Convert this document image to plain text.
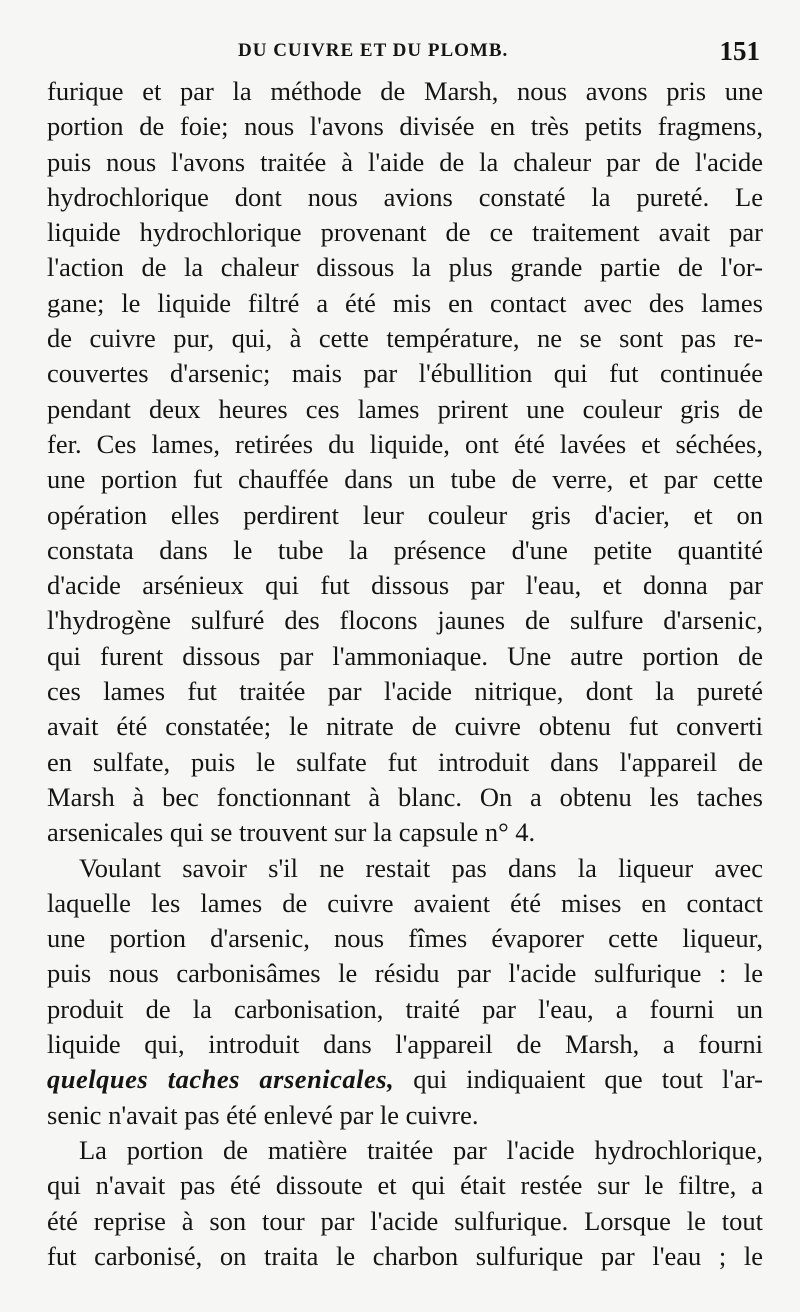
DU CUIVRE ET DU PLOMB.	151
furique et par la méthode de Marsh, nous avons pris une
portion de foie; nous l'avons divisée en très petits fragmens,
puis nous l'avons traitée à l'aide de la chaleur par de l'acide
hydrochlorique dont nous avions constaté la pureté. Le
liquide hydrochlorique provenant de ce traitement avait par
l'action de la chaleur dissous la plus grande partie de l'or-
gane; le liquide filtré a été mis en contact avec des lames
de cuivre pur, qui, à cette température, ne se sont pas re-
couvertes d'arsenic; mais par l'ébullition qui fut continuée
pendant deux heures ces lames prirent une couleur gris de
fer. Ces lames, retirées du liquide, ont été lavées et séchées,
une portion fut chauffée dans un tube de verre, et par cette
opération elles perdirent leur couleur gris d'acier, et on
constata dans le tube la présence d'une petite quantité
d'acide arsénieux qui fut dissous par l'eau, et donna par
l'hydrogène sulfuré des flocons jaunes de sulfure d'arsenic,
qui furent dissous par l'ammoniaque. Une autre portion de
ces lames fut traitée par l'acide nitrique, dont la pureté
avait été constatée; le nitrate de cuivre obtenu fut converti
en sulfate, puis le sulfate fut introduit dans l'appareil de
Marsh à bec fonctionnant à blanc. On a obtenu les taches
arsenicales qui se trouvent sur la capsule n° 4.
Voulant savoir s'il ne restait pas dans la liqueur avec
laquelle les lames de cuivre avaient été mises en contact
une portion d'arsenic, nous fîmes évaporer cette liqueur,
puis nous carbonisâmes le résidu par l'acide sulfurique : le
produit de la carbonisation, traité par l'eau, a fourni un
liquide qui, introduit dans l'appareil de Marsh, a fourni
quelques taches arsenicales, qui indiquaient que tout l'ar-
senic n'avait pas été enlevé par le cuivre.
La portion de matière traitée par l'acide hydrochlorique,
qui n'avait pas été dissoute et qui était restée sur le filtre, a
été reprise à son tour par l'acide sulfurique. Lorsque le tout
fut carbonisé, on traita le charbon sulfurique par l'eau ; le
